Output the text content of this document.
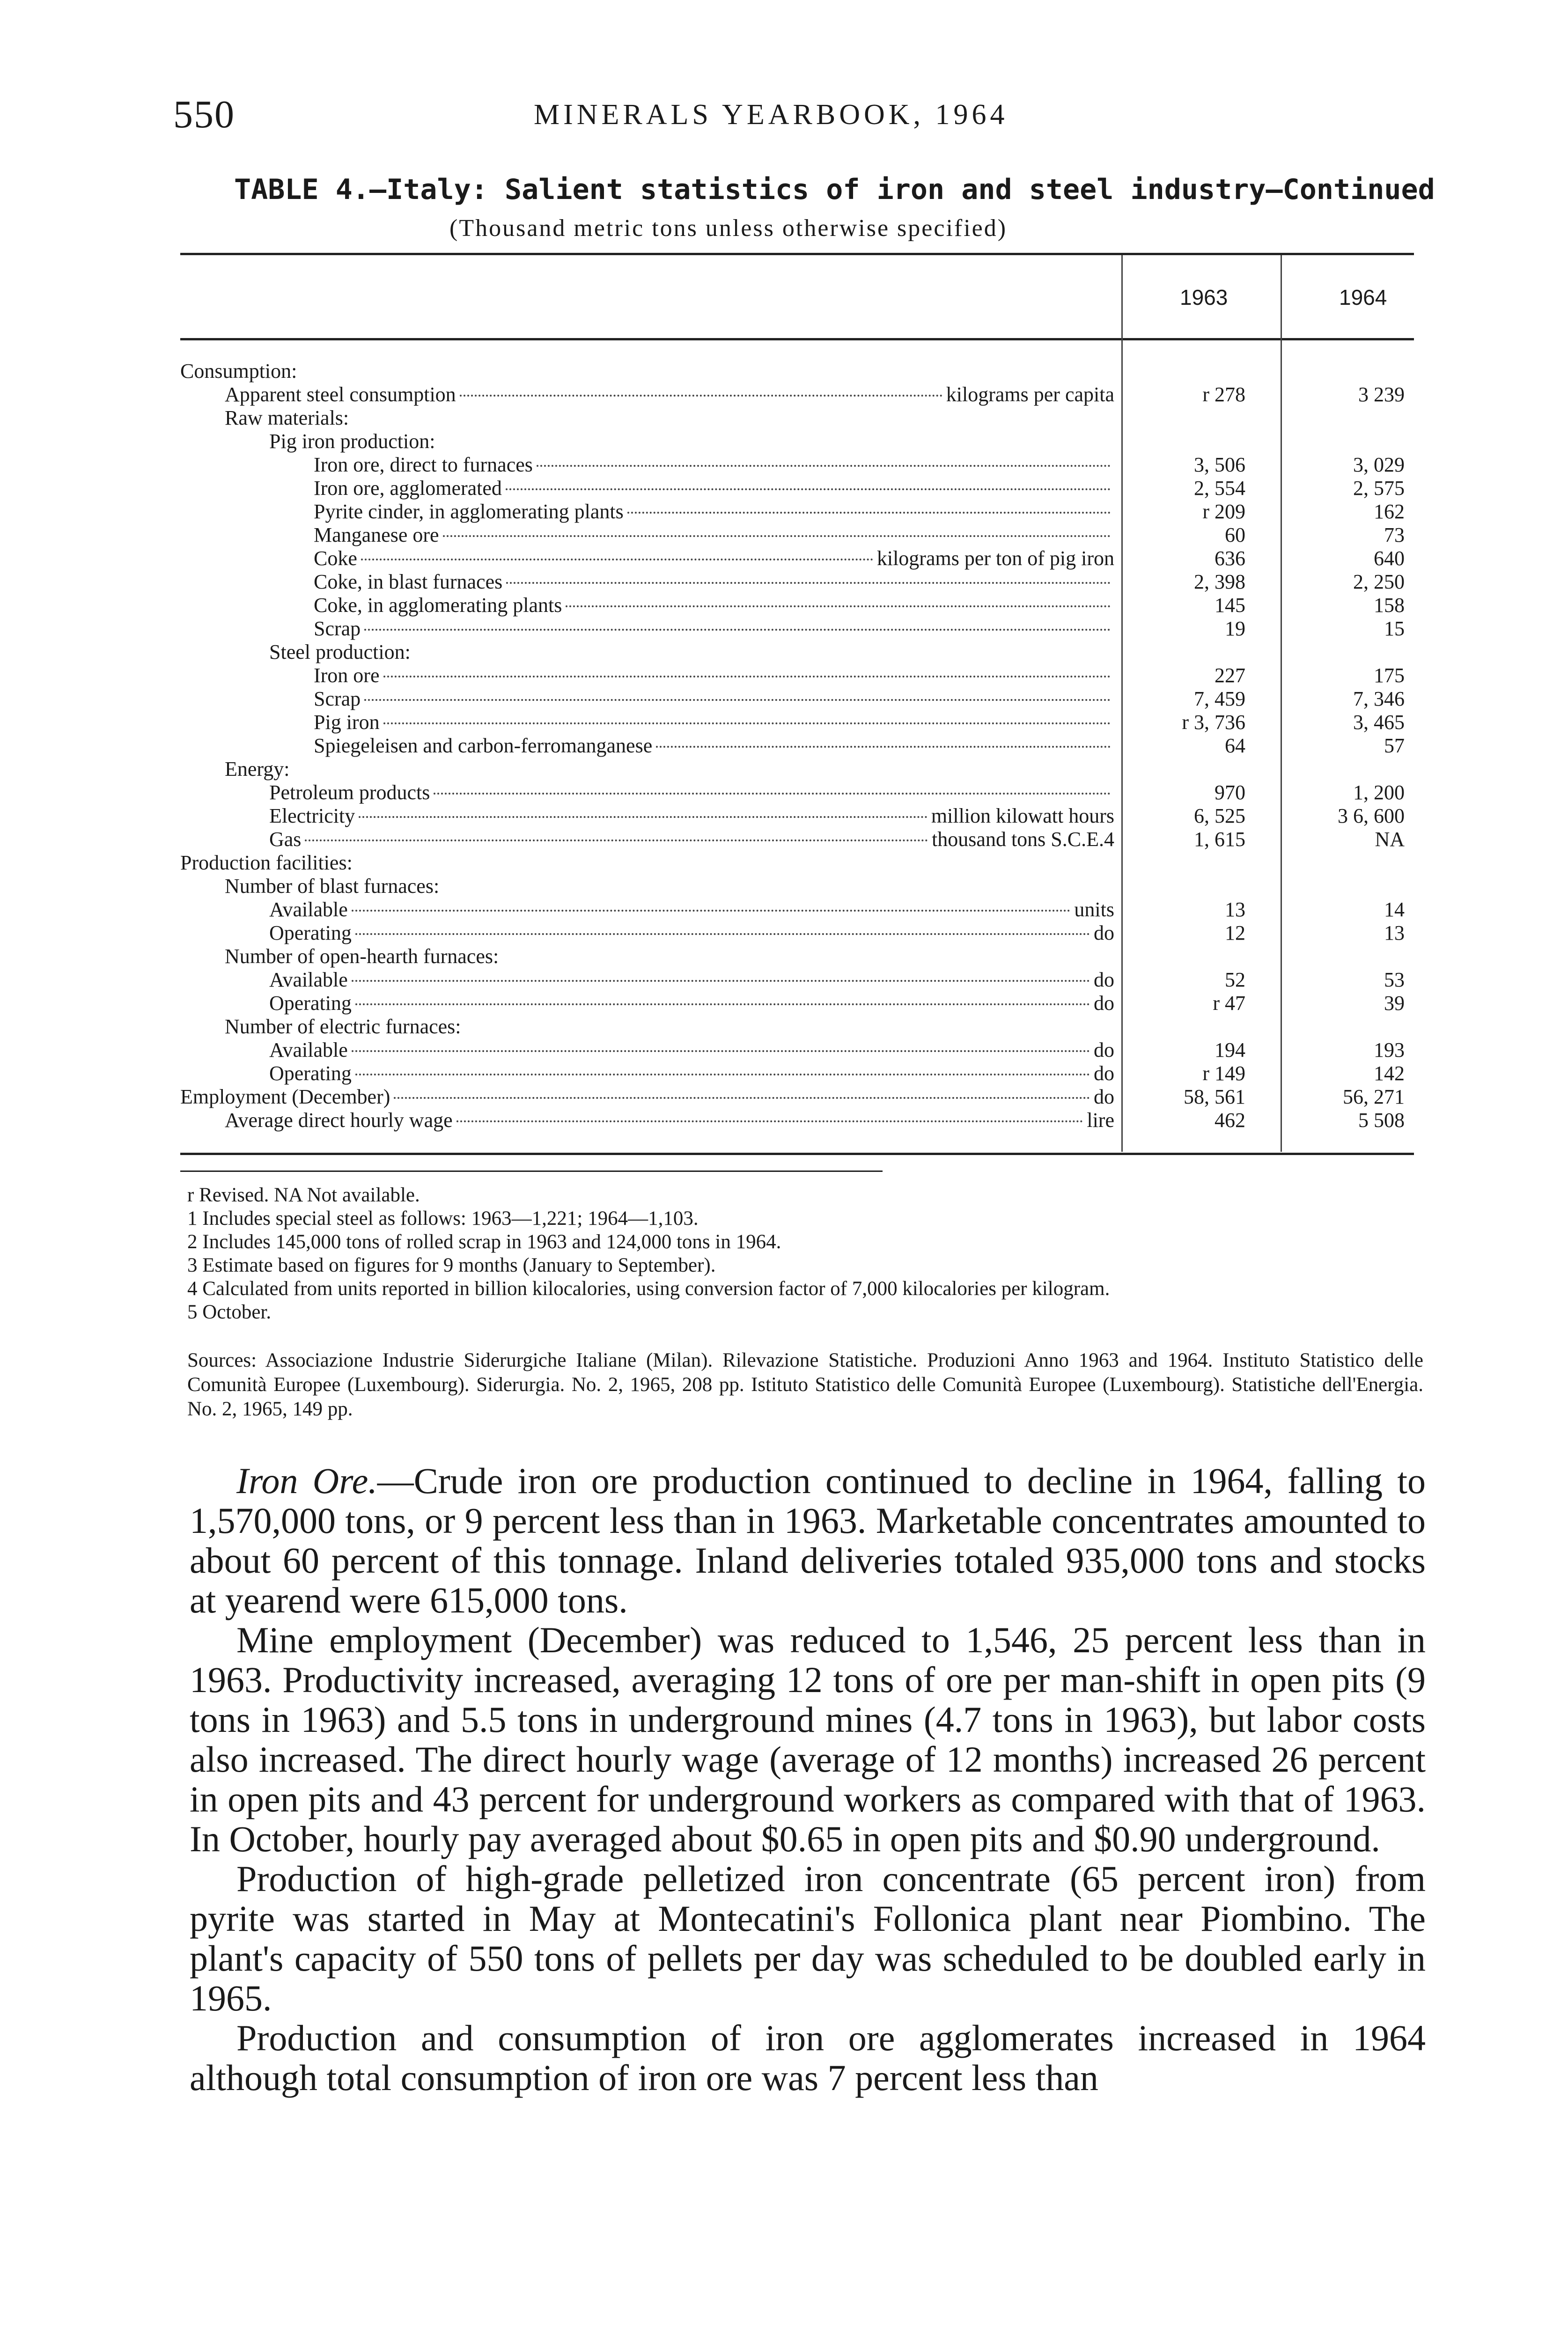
550	MINERALS YEARBOOK, 1964
TABLE 4.—Italy: Salient statistics of iron and steel industry—Continued
(Thousand metric tons unless otherwise specified)
1963	1964
Consumption:
Apparent steel consumption	kilograms per capita	r 278	3 239
Raw materials:
Pig iron production:
Iron ore, direct to furnaces	3, 506	3, 029
Iron ore, agglomerated	2, 554	2, 575
Pyrite cinder, in agglomerating plants	r 209	162
Manganese ore	60	73
Coke	kilograms per ton of pig iron	636	640
Coke, in blast furnaces	2, 398	2, 250
Coke, in agglomerating plants	145	158
Scrap	19	15
Steel production:
Iron ore	227	175
Scrap	7, 459	7, 346
Pig iron	r 3, 736	3, 465
Spiegeleisen and carbon-ferromanganese	64	57
Energy:
Petroleum products	970	1, 200
Electricity	million kilowatt hours	6, 525	3 6, 600
Gas	thousand tons S.C.E.4	1, 615	NA
Production facilities:
Number of blast furnaces:
Available	units	13	14
Operating	do	12	13
Number of open-hearth furnaces:
Available	do	52	53
Operating	do	r 47	39
Number of electric furnaces:
Available	do	194	193
Operating	do	r 149	142
Employment (December)	do	58, 561	56, 271
Average direct hourly wage	lire	462	5 508
r Revised. NA Not available.
1 Includes special steel as follows: 1963—1,221; 1964—1,103.
2 Includes 145,000 tons of rolled scrap in 1963 and 124,000 tons in 1964.
3 Estimate based on figures for 9 months (January to September).
4 Calculated from units reported in billion kilocalories, using conversion factor of 7,000 kilocalories per kilogram.
5 October.
Sources: Associazione Industrie Siderurgiche Italiane (Milan). Rilevazione Statistiche. Produzioni Anno 1963 and 1964. Instituto Statistico delle Comunità Europee (Luxembourg). Siderurgia. No. 2, 1965, 208 pp. Istituto Statistico delle Comunità Europee (Luxembourg). Statistiche dell'Energia. No. 2, 1965, 149 pp.

Iron Ore.—Crude iron ore production continued to decline in 1964, falling to 1,570,000 tons, or 9 percent less than in 1963. Marketable concentrates amounted to about 60 percent of this tonnage. Inland deliveries totaled 935,000 tons and stocks at yearend were 615,000 tons.

Mine employment (December) was reduced to 1,546, 25 percent less than in 1963. Productivity increased, averaging 12 tons of ore per man-shift in open pits (9 tons in 1963) and 5.5 tons in underground mines (4.7 tons in 1963), but labor costs also increased. The direct hourly wage (average of 12 months) increased 26 percent in open pits and 43 percent for underground workers as compared with that of 1963. In October, hourly pay averaged about $0.65 in open pits and $0.90 underground.

Production of high-grade pelletized iron concentrate (65 percent iron) from pyrite was started in May at Montecatini's Follonica plant near Piombino. The plant's capacity of 550 tons of pellets per day was scheduled to be doubled early in 1965.

Production and consumption of iron ore agglomerates increased in 1964 although total consumption of iron ore was 7 percent less than
